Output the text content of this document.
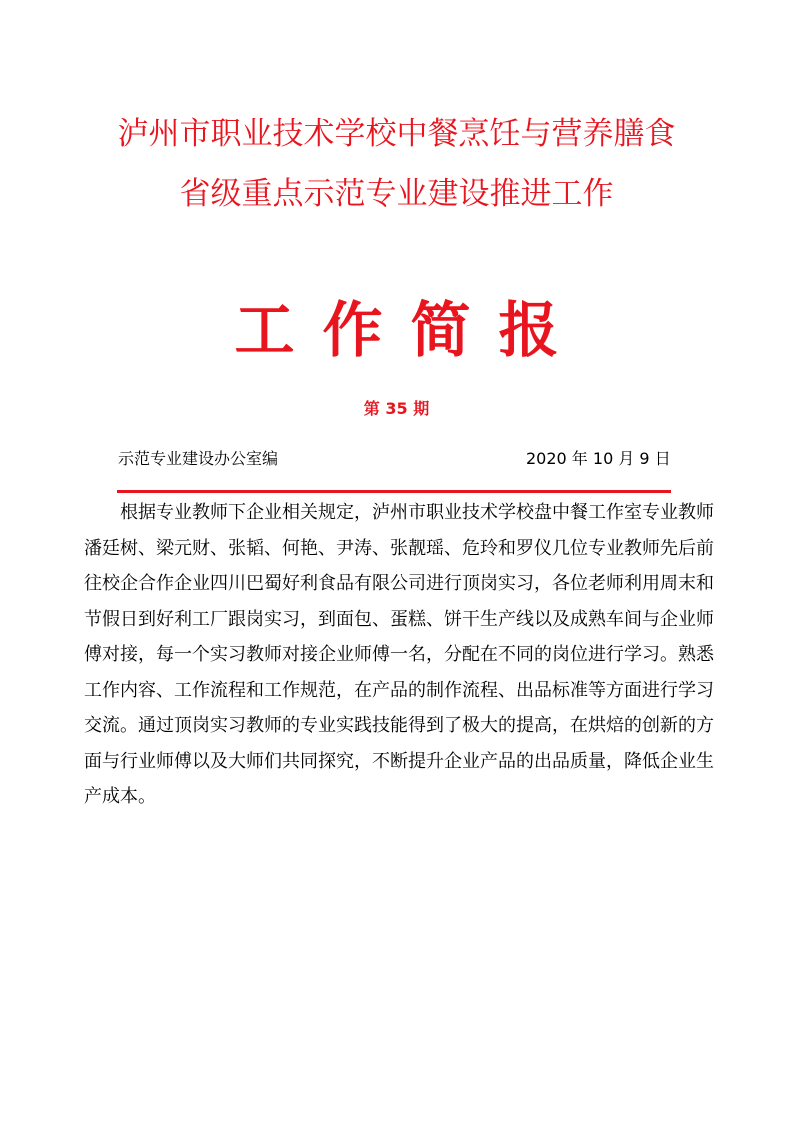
泸州市职业技术学校中餐烹饪与营养膳食
省级重点示范专业建设推进工作
工作简报
第 35 期
示范专业建设办公室编	2020 年 10 月 9 日

根据专业教师下企业相关规定，泸州市职业技术学校盘中餐工作室专业教师潘廷树、梁元财、张韬、何艳、尹涛、张靓瑶、危玲和罗仪几位专业教师先后前往校企合作企业四川巴蜀好利食品有限公司进行顶岗实习，各位老师利用周末和节假日到好利工厂跟岗实习，到面包、蛋糕、饼干生产线以及成熟车间与企业师傅对接，每一个实习教师对接企业师傅一名，分配在不同的岗位进行学习。熟悉工作内容、工作流程和工作规范，在产品的制作流程、出品标准等方面进行学习交流。通过顶岗实习教师的专业实践技能得到了极大的提高，在烘焙的创新的方面与行业师傅以及大师们共同探究，不断提升企业产品的出品质量，降低企业生产成本。
